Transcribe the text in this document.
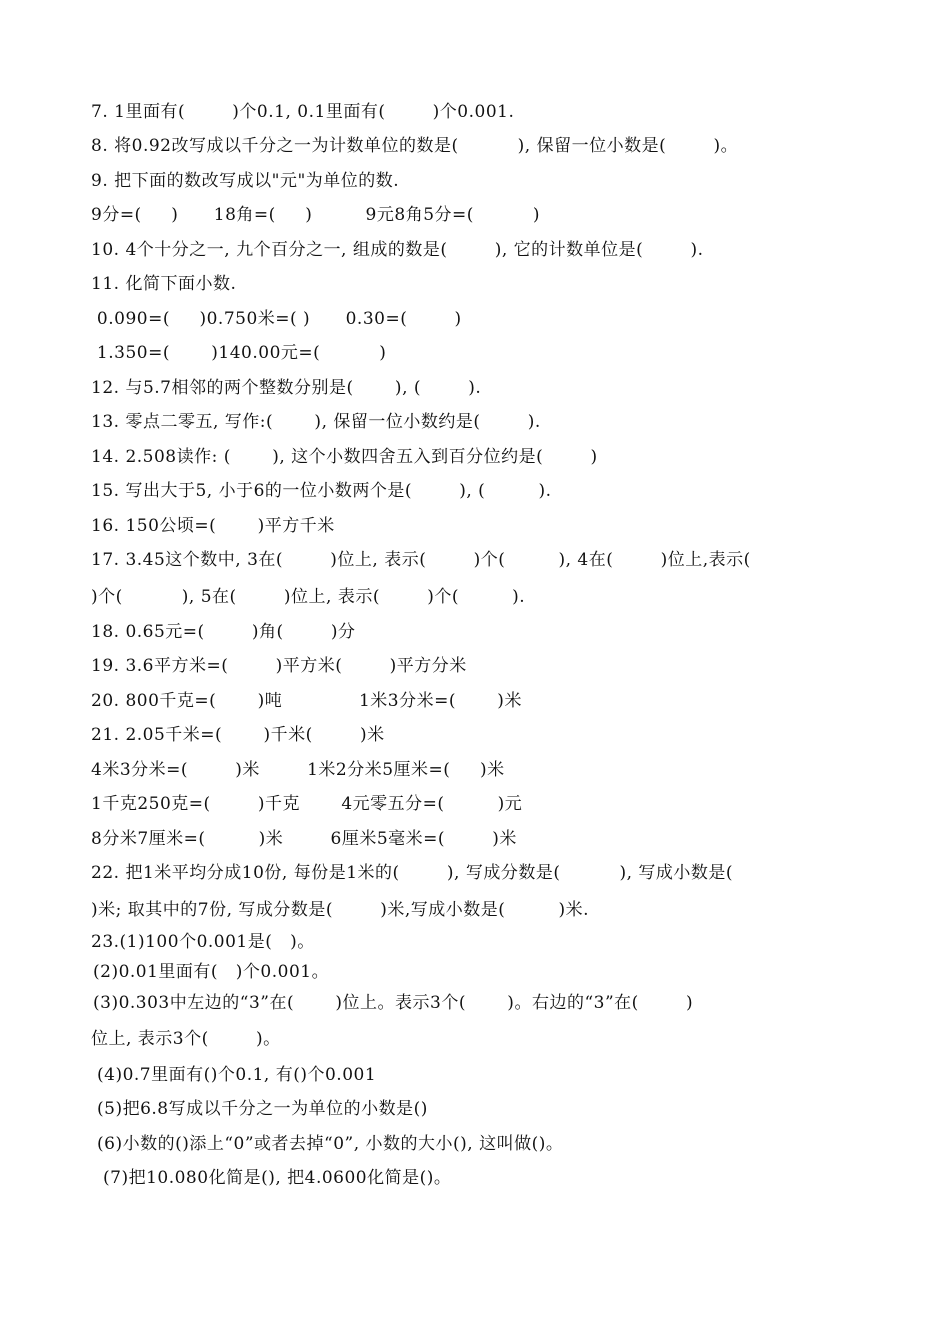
7. 1里面有(        )个0.1, 0.1里面有(        )个0.001.
8. 将0.92改写成以千分之一为计数单位的数是(          ), 保留一位小数是(        )。
9. 把下面的数改写成以"元"为单位的数.
9分=(     )      18角=(     )         9元8角5分=(          )
10. 4个十分之一, 九个百分之一, 组成的数是(        ), 它的计数单位是(        ).
11. 化简下面小数.
0.090=(     )0.750米=( )      0.30=(        )
1.350=(       )140.00元=(          )
12. 与5.7相邻的两个整数分别是(       ), (        ).
13. 零点二零五, 写作:(       ), 保留一位小数约是(        ).
14. 2.508读作: (       ), 这个小数四舍五入到百分位约是(        )
15. 写出大于5, 小于6的一位小数两个是(        ), (         ).
16. 150公顷=(       )平方千米
17. 3.45这个数中, 3在(        )位上, 表示(        )个(         ), 4在(        )位上,表示(
)个(          ), 5在(        )位上, 表示(        )个(         ).
18. 0.65元=(        )角(        )分
19. 3.6平方米=(        )平方米(        )平方分米
20. 800千克=(       )吨             1米3分米=(       )米
21. 2.05千米=(       )千米(        )米
4米3分米=(        )米        1米2分米5厘米=(     )米
1千克250克=(        )千克       4元零五分=(         )元
8分米7厘米=(         )米        6厘米5毫米=(        )米
22. 把1米平均分成10份, 每份是1米的(        ), 写成分数是(          ), 写成小数是(
)米; 取其中的7份, 写成分数是(        )米,写成小数是(         )米.
23.(1)100个0.001是(   )。
(2)0.01里面有(   )个0.001。
(3)0.303中左边的“3”在(       )位上。表示3个(       )。右边的“3”在(        )
位上, 表示3个(        )。
(4)0.7里面有()个0.1, 有()个0.001
(5)把6.8写成以千分之一为单位的小数是()
(6)小数的()添上“0”或者去掉“0”, 小数的大小(), 这叫做()。
(7)把10.080化简是(), 把4.0600化简是()。
